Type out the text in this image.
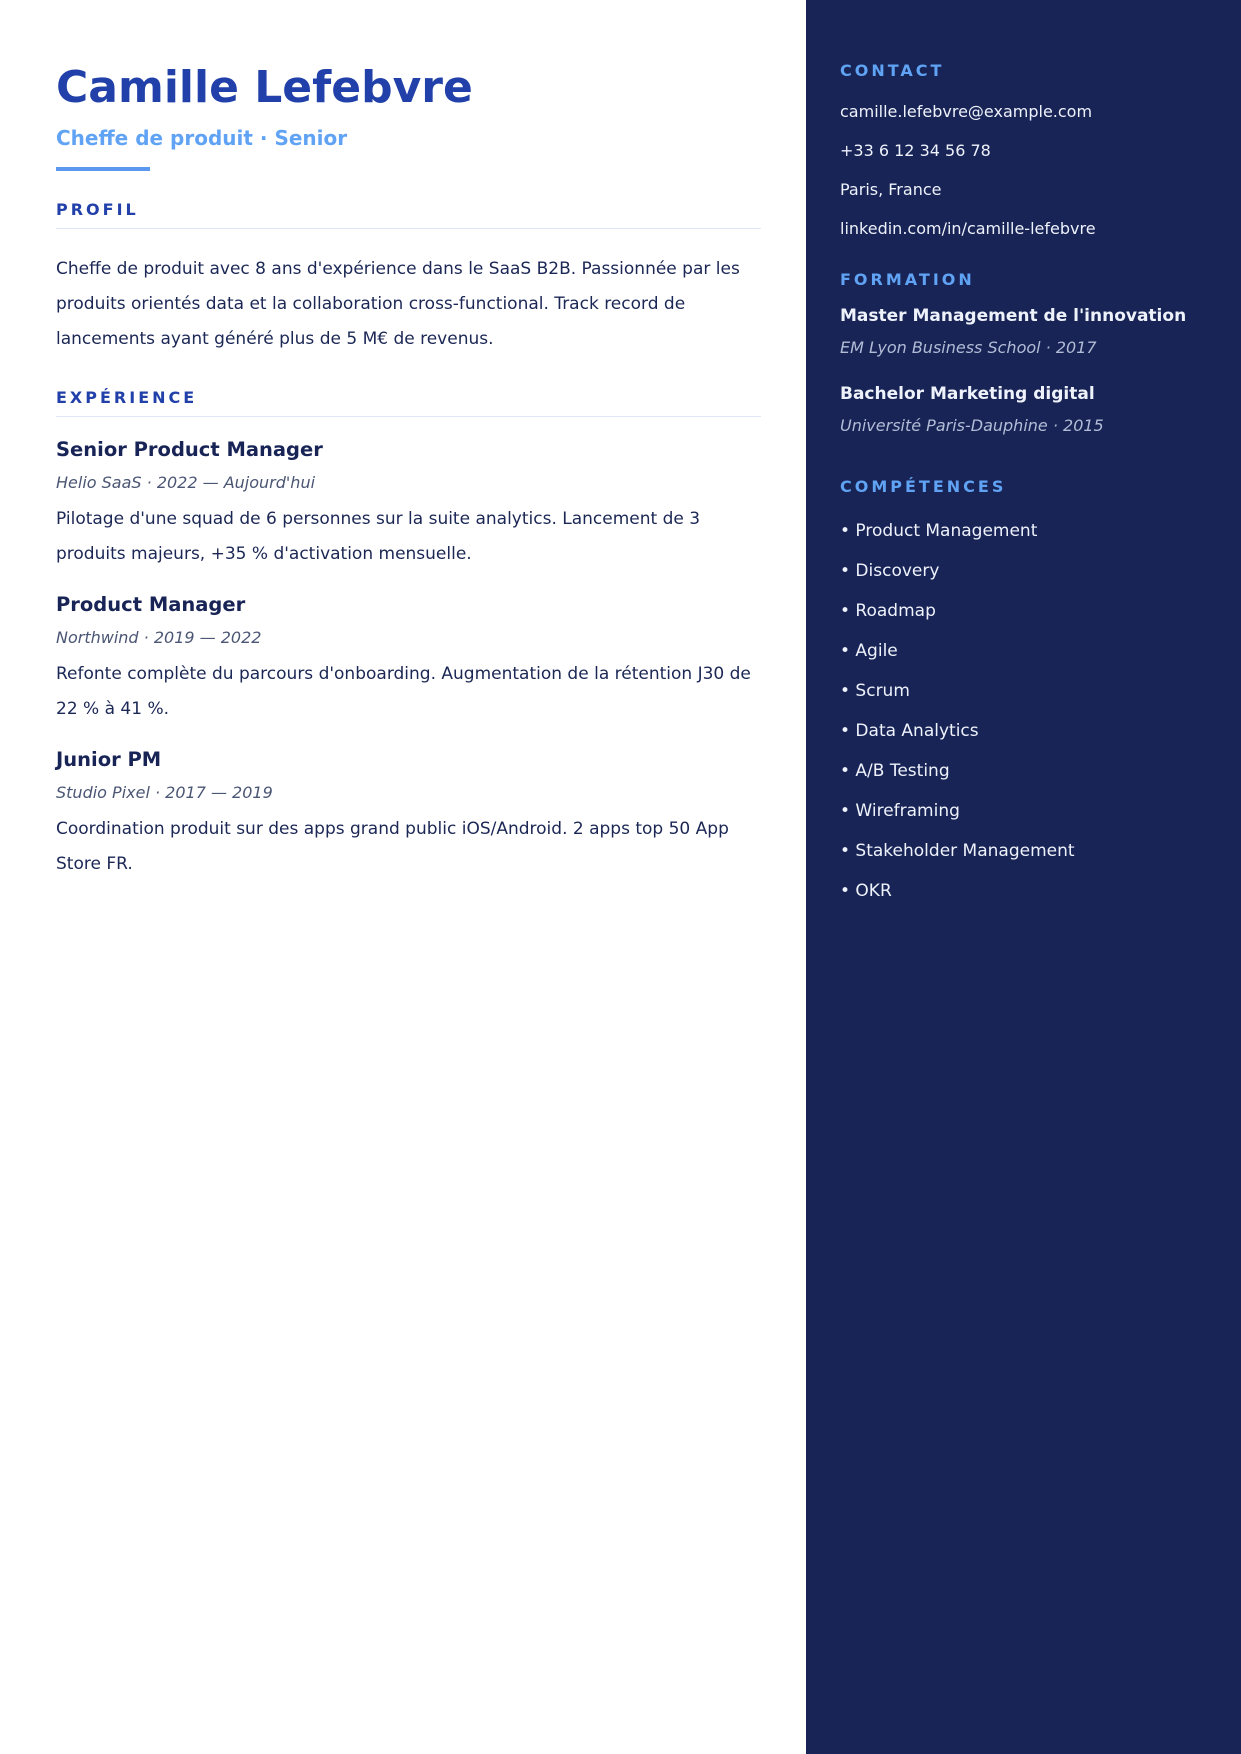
Camille Lefebvre
Cheffe de produit · Senior
PROFIL
Cheffe de produit avec 8 ans d'expérience dans le SaaS B2B. Passionnée par les produits orientés data et la collaboration cross-functional. Track record de lancements ayant généré plus de 5 M€ de revenus.
EXPÉRIENCE
Senior Product Manager
Helio SaaS · 2022 — Aujourd'hui
Pilotage d'une squad de 6 personnes sur la suite analytics. Lancement de 3 produits majeurs, +35 % d'activation mensuelle.
Product Manager
Northwind · 2019 — 2022
Refonte complète du parcours d'onboarding. Augmentation de la rétention J30 de 22 % à 41 %.
Junior PM
Studio Pixel · 2017 — 2019
Coordination produit sur des apps grand public iOS/Android. 2 apps top 50 App Store FR.
CONTACT
camille.lefebvre@example.com
+33 6 12 34 56 78
Paris, France
linkedin.com/in/camille-lefebvre
FORMATION
Master Management de l'innovation
EM Lyon Business School · 2017
Bachelor Marketing digital
Université Paris-Dauphine · 2015
COMPÉTENCES
• Product Management
• Discovery
• Roadmap
• Agile
• Scrum
• Data Analytics
• A/B Testing
• Wireframing
• Stakeholder Management
• OKR
